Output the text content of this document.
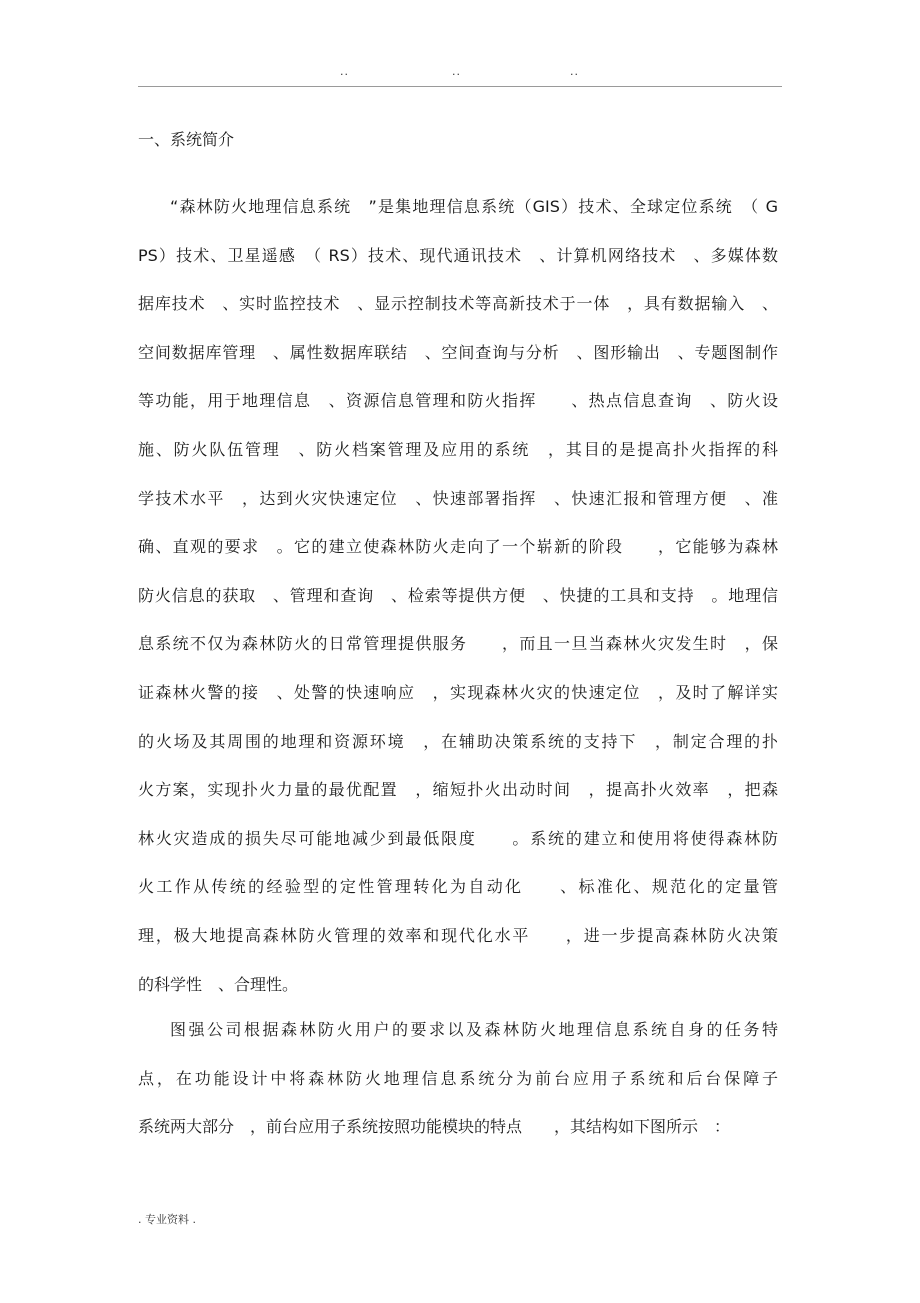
..	..	..
一、系统简介
“森林防火地理信息系统　”是集地理信息系统（GIS）技术、全球定位系统　（ G
PS）技术、卫星遥感　（ RS）技术、现代通讯技术　、计算机网络技术　、多媒体数
据库技术　、实时监控技术　、显示控制技术等高新技术于一体　，具有数据输入　、
空间数据库管理　、属性数据库联结　、空间查询与分析　、图形输出　、专题图制作
等功能，用于地理信息　、资源信息管理和防火指挥　　、热点信息查询　、防火设
施、防火队伍管理　、防火档案管理及应用的系统　，其目的是提高扑火指挥的科
学技术水平　，达到火灾快速定位　、快速部署指挥　、快速汇报和管理方便　、准
确、直观的要求　。它的建立使森林防火走向了一个崭新的阶段　　，它能够为森林
防火信息的获取　、管理和查询　、检索等提供方便　、快捷的工具和支持　。地理信
息系统不仅为森林防火的日常管理提供服务　　，而且一旦当森林火灾发生时　，保
证森林火警的接　、处警的快速响应　，实现森林火灾的快速定位　，及时了解详实
的火场及其周围的地理和资源环境　，在辅助决策系统的支持下　，制定合理的扑
火方案，实现扑火力量的最优配置　，缩短扑火出动时间　，提高扑火效率　，把森
林火灾造成的损失尽可能地减少到最低限度　　。系统的建立和使用将使得森林防
火工作从传统的经验型的定性管理转化为自动化　　、标准化、规范化的定量管
理，极大地提高森林防火管理的效率和现代化水平　　，进一步提高森林防火决策
的科学性　、合理性。
图强公司根据森林防火用户的要求以及森林防火地理信息系统自身的任务特
点，在功能设计中将森林防火地理信息系统分为前台应用子系统和后台保障子
系统两大部分　，前台应用子系统按照功能模块的特点　　，其结构如下图所示　：
. 专业资料 .
